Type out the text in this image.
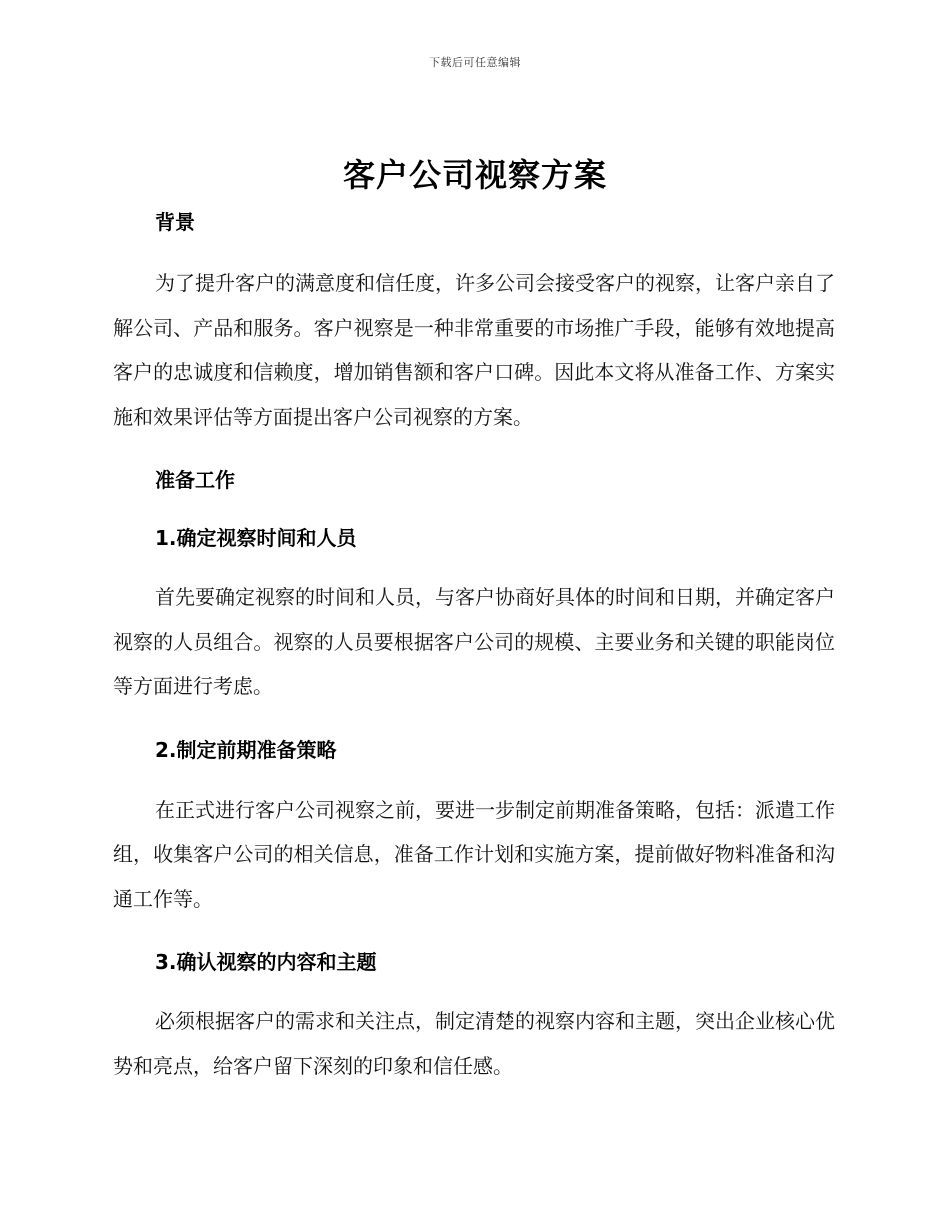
下载后可任意编辑
客户公司视察方案
背景

为了提升客户的满意度和信任度，许多公司会接受客户的视察，让客户亲自了解公司、产品和服务。客户视察是一种非常重要的市场推广手段，能够有效地提高客户的忠诚度和信赖度，增加销售额和客户口碑。因此本文将从准备工作、方案实施和效果评估等方面提出客户公司视察的方案。

准备工作
1.确定视察时间和人员

首先要确定视察的时间和人员，与客户协商好具体的时间和日期，并确定客户视察的人员组合。视察的人员要根据客户公司的规模、主要业务和关键的职能岗位等方面进行考虑。

2.制定前期准备策略

在正式进行客户公司视察之前，要进一步制定前期准备策略，包括：派遣工作组，收集客户公司的相关信息，准备工作计划和实施方案，提前做好物料准备和沟通工作等。

3.确认视察的内容和主题

必须根据客户的需求和关注点，制定清楚的视察内容和主题，突出企业核心优势和亮点，给客户留下深刻的印象和信任感。
